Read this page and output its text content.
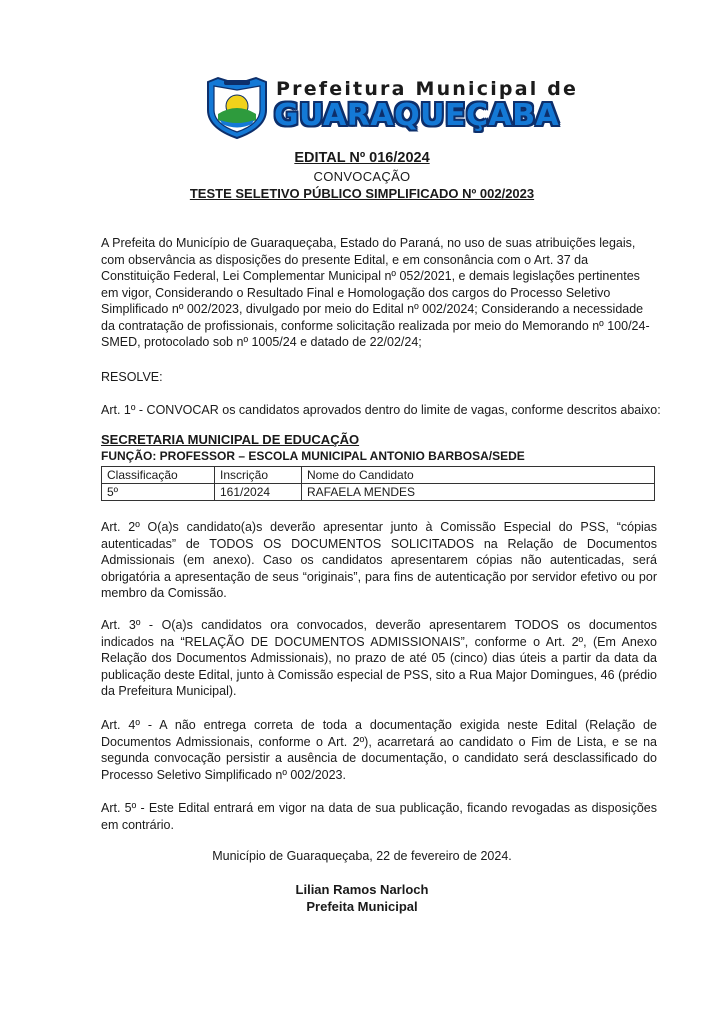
Prefeitura Municipal de
GUARAQUEÇABA
EDITAL Nº 016/2024
CONVOCAÇÃO
TESTE SELETIVO PÚBLICO SIMPLIFICADO Nº 002/2023

A Prefeita do Município de Guaraqueçaba, Estado do Paraná, no uso de suas atribuições legais, com observância as disposições do presente Edital, e em consonância com o Art. 37 da Constituição Federal, Lei Complementar Municipal nº 052/2021, e demais legislações pertinentes em vigor, Considerando o Resultado Final e Homologação dos cargos do Processo Seletivo Simplificado nº 002/2023, divulgado por meio do Edital nº 002/2024; Considerando a necessidade da contratação de profissionais, conforme solicitação realizada por meio do Memorando nº 100/24-SMED, protocolado sob nº 1005/24 e datado de 22/02/24;

RESOLVE:

Art. 1º - CONVOCAR os candidatos aprovados dentro do limite de vagas, conforme descritos abaixo:

SECRETARIA MUNICIPAL DE EDUCAÇÃO
FUNÇÃO: PROFESSOR – ESCOLA MUNICIPAL ANTONIO BARBOSA/SEDE
Classificação	Inscrição	Nome do Candidato
5º	161/2024	RAFAELA MENDES

Art. 2º O(a)s candidato(a)s deverão apresentar junto à Comissão Especial do PSS, “cópias autenticadas” de TODOS OS DOCUMENTOS SOLICITADOS na Relação de Documentos Admissionais (em anexo). Caso os candidatos apresentarem cópias não autenticadas, será obrigatória a apresentação de seus “originais”, para fins de autenticação por servidor efetivo ou por membro da Comissão.

Art. 3º - O(a)s candidatos ora convocados, deverão apresentarem TODOS os documentos indicados na “RELAÇÃO DE DOCUMENTOS ADMISSIONAIS”, conforme o Art. 2º, (Em Anexo Relação dos Documentos Admissionais), no prazo de até 05 (cinco) dias úteis a partir da data da publicação deste Edital, junto à Comissão especial de PSS, sito a Rua Major Domingues, 46 (prédio da Prefeitura Municipal).

Art. 4º - A não entrega correta de toda a documentação exigida neste Edital (Relação de Documentos Admissionais, conforme o Art. 2º), acarretará ao candidato o Fim de Lista, e se na segunda convocação persistir a ausência de documentação, o candidato será desclassificado do Processo Seletivo Simplificado nº 002/2023.

Art. 5º - Este Edital entrará em vigor na data de sua publicação, ficando revogadas as disposições em contrário.

Município de Guaraqueçaba, 22 de fevereiro de 2024.
Lilian Ramos Narloch
Prefeita Municipal
